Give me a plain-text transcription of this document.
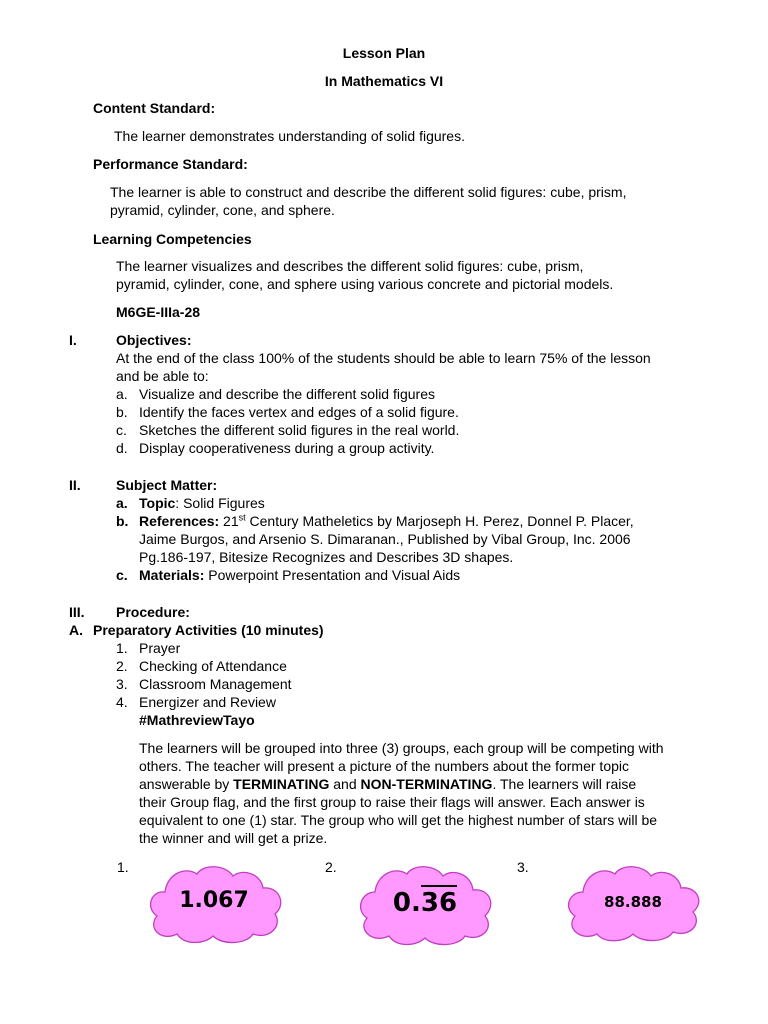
Lesson Plan
In Mathematics VI
Content Standard:
The learner demonstrates understanding of solid figures.
Performance Standard:
The learner is able to construct and describe the different solid figures: cube, prism,
pyramid, cylinder, cone, and sphere.
Learning Competencies
The learner visualizes and describes the different solid figures: cube, prism,
pyramid, cylinder, cone, and sphere using various concrete and pictorial models.
M6GE-IIIa-28
I.	Objectives:
At the end of the class 100% of the students should be able to learn 75% of the lesson
and be able to:
a. Visualize and describe the different solid figures
b. Identify the faces vertex and edges of a solid figure.
c. Sketches the different solid figures in the real world.
d. Display cooperativeness during a group activity.
II.	Subject Matter:
a. Topic: Solid Figures
b. References: 21st Century Matheletics by Marjoseph H. Perez, Donnel P. Placer,
Jaime Burgos, and Arsenio S. Dimaranan., Published by Vibal Group, Inc. 2006
Pg.186-197, Bitesize Recognizes and Describes 3D shapes.
c. Materials: Powerpoint Presentation and Visual Aids
III. Procedure:
A. Preparatory Activities (10 minutes)
1. Prayer
2. Checking of Attendance
3. Classroom Management
4. Energizer and Review
#MathreviewTayo
The learners will be grouped into three (3) groups, each group will be competing with
others. The teacher will present a picture of the numbers about the former topic
answerable by TERMINATING and NON-TERMINATING. The learners will raise
their Group flag, and the first group to raise their flags will answer. Each answer is
equivalent to one (1) star. The group who will get the highest number of stars will be
the winner and will get a prize.
1.	2.	3.
1.067	0.36	88.888
